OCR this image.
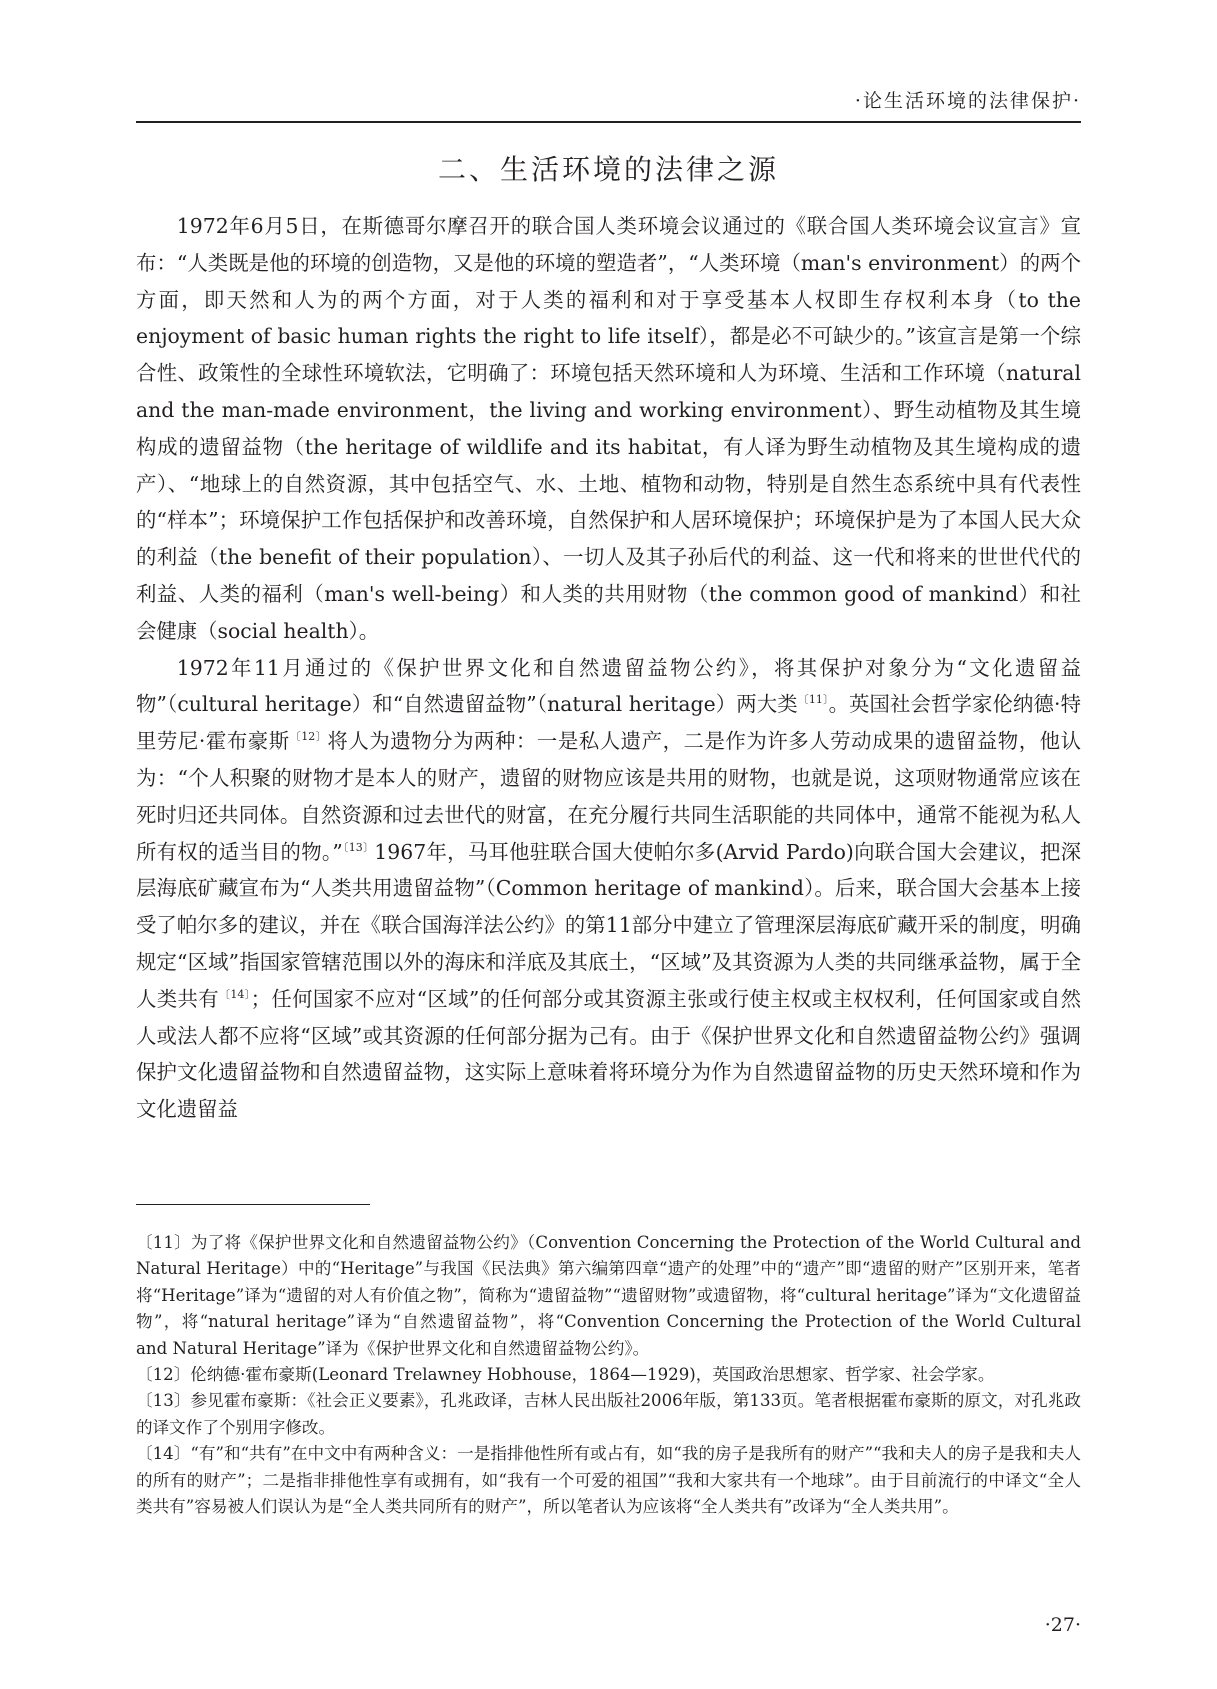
·论生活环境的法律保护·
二、生活环境的法律之源

1972年6月5日，在斯德哥尔摩召开的联合国人类环境会议通过的《联合国人类环境会议宣言》宣布：“人类既是他的环境的创造物，又是他的环境的塑造者”，“人类环境（man's environment）的两个方面，即天然和人为的两个方面，对于人类的福利和对于享受基本人权即生存权利本身（to the enjoyment of basic human rights the right to life itself），都是必不可缺少的。”该宣言是第一个综合性、政策性的全球性环境软法，它明确了：环境包括天然环境和人为环境、生活和工作环境（natural and the man-made environment，the living and working environment）、野生动植物及其生境构成的遗留益物（the heritage of wildlife and its habitat，有人译为野生动植物及其生境构成的遗产）、“地球上的自然资源，其中包括空气、水、土地、植物和动物，特别是自然生态系统中具有代表性的“样本”；环境保护工作包括保护和改善环境，自然保护和人居环境保护；环境保护是为了本国人民大众的利益（the benefit of their population）、一切人及其子孙后代的利益、这一代和将来的世世代代的利益、人类的福利（man's well-being）和人类的共用财物（the common good of mankind）和社会健康（social health）。

1972年11月通过的《保护世界文化和自然遗留益物公约》，将其保护对象分为“文化遗留益物”（cultural heritage）和“自然遗留益物”（natural heritage）两大类$^{〔11〕}$。英国社会哲学家伦纳德·特里劳尼·霍布豪斯$^{〔12〕}$将人为遗物分为两种：一是私人遗产，二是作为许多人劳动成果的遗留益物，他认为：“个人积聚的财物才是本人的财产，遗留的财物应该是共用的财物，也就是说，这项财物通常应该在死时归还共同体。自然资源和过去世代的财富，在充分履行共同生活职能的共同体中，通常不能视为私人所有权的适当目的物。”$^{〔13〕}$1967年，马耳他驻联合国大使帕尔多(Arvid Pardo)向联合国大会建议，把深层海底矿藏宣布为“人类共用遗留益物”（Common heritage of mankind）。后来，联合国大会基本上接受了帕尔多的建议，并在《联合国海洋法公约》的第11部分中建立了管理深层海底矿藏开采的制度，明确规定“区域”指国家管辖范围以外的海床和洋底及其底土，“区域”及其资源为人类的共同继承益物，属于全人类共有$^{〔14〕}$；任何国家不应对“区域”的任何部分或其资源主张或行使主权或主权权利，任何国家或自然人或法人都不应将“区域”或其资源的任何部分据为己有。由于《保护世界文化和自然遗留益物公约》强调保护文化遗留益物和自然遗留益物，这实际上意味着将环境分为作为自然遗留益物的历史天然环境和作为文化遗留益

〔11〕为了将《保护世界文化和自然遗留益物公约》（Convention Concerning the Protection of the World Cultural and Natural Heritage）中的“Heritage”与我国《民法典》第六编第四章“遗产的处理”中的“遗产”即“遗留的财产”区别开来，笔者将“Heritage”译为“遗留的对人有价值之物”，简称为“遗留益物”“遗留财物”或遗留物，将“cultural heritage”译为“文化遗留益物”，将“natural heritage”译为“自然遗留益物”，将“Convention Concerning the Protection of the World Cultural and Natural Heritage”译为《保护世界文化和自然遗留益物公约》。

〔12〕伦纳德·霍布豪斯(Leonard Trelawney Hobhouse，1864—1929)，英国政治思想家、哲学家、社会学家。

〔13〕参见霍布豪斯：《社会正义要素》，孔兆政译，吉林人民出版社2006年版，第133页。笔者根据霍布豪斯的原文，对孔兆政的译文作了个别用字修改。

〔14〕“有”和“共有”在中文中有两种含义：一是指排他性所有或占有，如“我的房子是我所有的财产”“我和夫人的房子是我和夫人的所有的财产”；二是指非排他性享有或拥有，如“我有一个可爱的祖国”“我和大家共有一个地球”。由于目前流行的中译文“全人类共有”容易被人们误认为是“全人类共同所有的财产”，所以笔者认为应该将“全人类共有”改译为“全人类共用”。

·27·
